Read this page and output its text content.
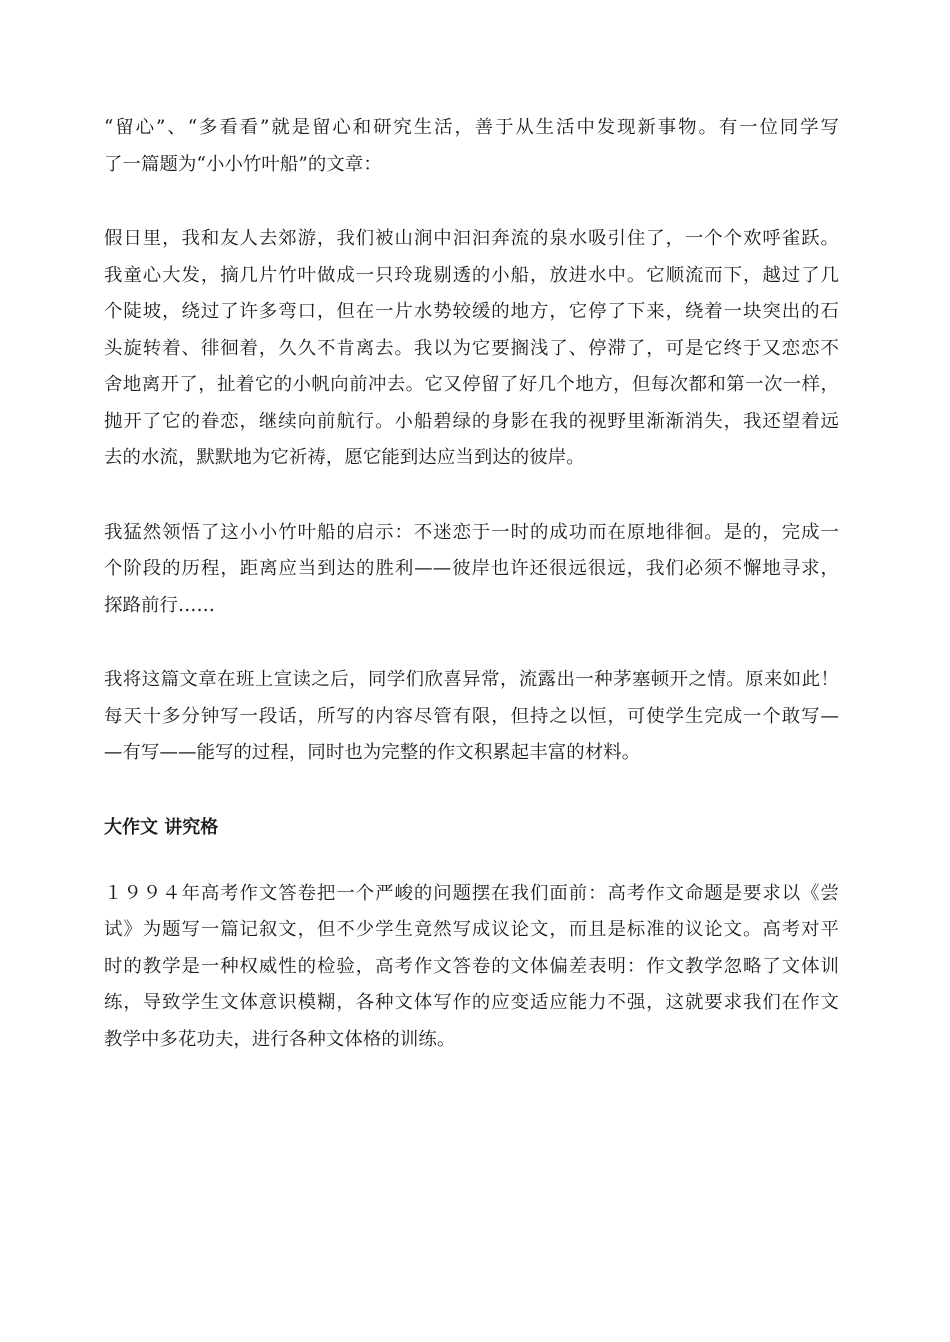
“留心”、“多看看”就是留心和研究生活，善于从生活中发现新事物。有一位同学写
了一篇题为“小小竹叶船”的文章：

假日里，我和友人去郊游，我们被山涧中汩汩奔流的泉水吸引住了，一个个欢呼雀跃。
我童心大发，摘几片竹叶做成一只玲珑剔透的小船，放进水中。它顺流而下，越过了几
个陡坡，绕过了许多弯口，但在一片水势较缓的地方，它停了下来，绕着一块突出的石
头旋转着、徘徊着，久久不肯离去。我以为它要搁浅了、停滞了，可是它终于又恋恋不
舍地离开了，扯着它的小帆向前冲去。它又停留了好几个地方，但每次都和第一次一样，
抛开了它的眷恋，继续向前航行。小船碧绿的身影在我的视野里渐渐消失，我还望着远
去的水流，默默地为它祈祷，愿它能到达应当到达的彼岸。

我猛然领悟了这小小竹叶船的启示：不迷恋于一时的成功而在原地徘徊。是的，完成一
个阶段的历程，距离应当到达的胜利——彼岸也许还很远很远，我们必须不懈地寻求，
探路前行……

我将这篇文章在班上宣读之后，同学们欣喜异常，流露出一种茅塞顿开之情。原来如此！
每天十多分钟写一段话，所写的内容尽管有限，但持之以恒，可使学生完成一个敢写—
—有写——能写的过程，同时也为完整的作文积累起丰富的材料。

大作文 讲究格

１９９４年高考作文答卷把一个严峻的问题摆在我们面前：高考作文命题是要求以《尝
试》为题写一篇记叙文，但不少学生竟然写成议论文，而且是标准的议论文。高考对平
时的教学是一种权威性的检验，高考作文答卷的文体偏差表明：作文教学忽略了文体训
练，导致学生文体意识模糊，各种文体写作的应变适应能力不强，这就要求我们在作文
教学中多花功夫，进行各种文体格的训练。
